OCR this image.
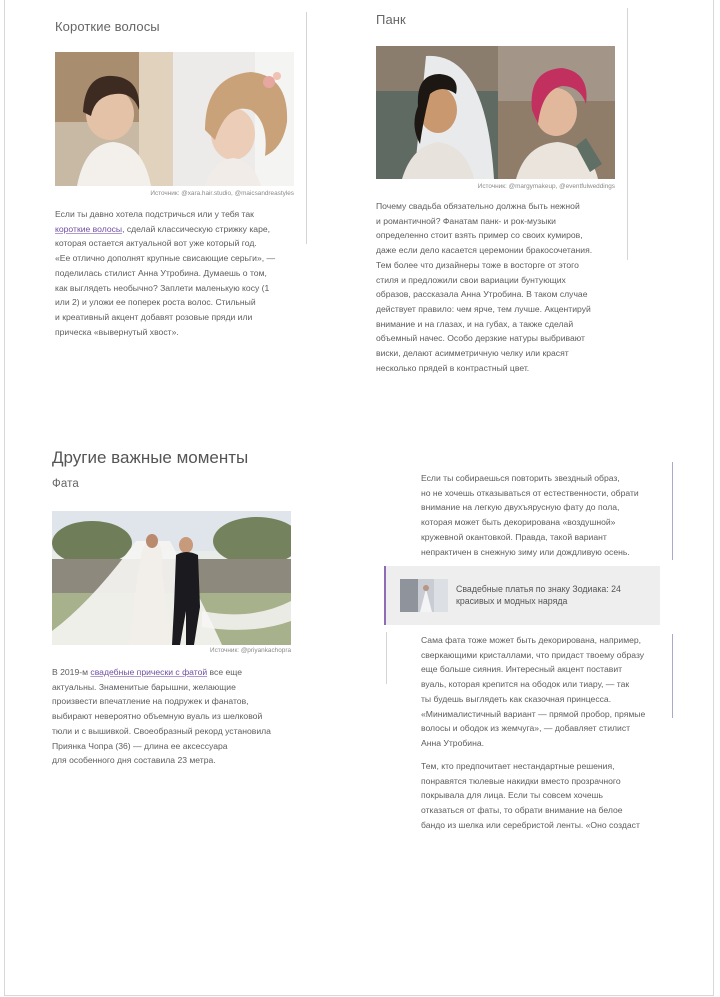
Короткие волосы
Источник: @xara.hair.studio, @maicsandreastyles
Если ты давно хотела подстричься или у тебя так
короткие волосы, сделай классическую стрижку каре,
которая остается актуальной вот уже который год.
«Ее отлично дополнят крупные свисающие серьги», —
поделилась стилист Анна Утробина. Думаешь о том,
как выглядеть необычно? Заплети маленькую косу (1
или 2) и уложи ее поперек роста волос. Стильный
и креативный акцент добавят розовые пряди или
прическа «вывернутый хвост».
Панк
Источник: @margymakeup, @eventfulweddings
Почему свадьба обязательно должна быть нежной
и романтичной? Фанатам панк- и рок-музыки
определенно стоит взять пример со своих кумиров,
даже если дело касается церемонии бракосочетания.
Тем более что дизайнеры тоже в восторге от этого
стиля и предложили свои вариации бунтующих
образов, рассказала Анна Утробина. В таком случае
действует правило: чем ярче, тем лучше. Акцентируй
внимание и на глазах, и на губах, а также сделай
объемный начес. Особо дерзкие натуры выбривают
виски, делают асимметричную челку или красят
несколько прядей в контрастный цвет.
Другие важные моменты
Фата
Источник: @priyankachopra
В 2019-м свадебные прически с фатой все еще
актуальны. Знаменитые барышни, желающие
произвести впечатление на подружек и фанатов,
выбирают невероятно объемную вуаль из шелковой
тюли и с вышивкой. Своеобразный рекорд установила
Приянка Чопра (36) — длина ее аксессуара
для особенного дня составила 23 метра.
Если ты собираешься повторить звездный образ,
но не хочешь отказываться от естественности, обрати
внимание на легкую двухъярусную фату до пола,
которая может быть декорирована «воздушной»
кружевной окантовкой. Правда, такой вариант
непрактичен в снежную зиму или дождливую осень.
Свадебные платья по знаку Зодиака: 24 красивых и модных наряда
Сама фата тоже может быть декорирована, например,
сверкающими кристаллами, что придаст твоему образу
еще больше сияния. Интересный акцент поставит
вуаль, которая крепится на ободок или тиару, — так
ты будешь выглядеть как сказочная принцесса.
«Минималистичный вариант — прямой пробор, прямые
волосы и ободок из жемчуга», — добавляет стилист
Анна Утробина.
Тем, кто предпочитает нестандартные решения,
понравятся тюлевые накидки вместо прозрачного
покрывала для лица. Если ты совсем хочешь
отказаться от фаты, то обрати внимание на белое
бандо из шелка или серебристой ленты. «Оно создаст
